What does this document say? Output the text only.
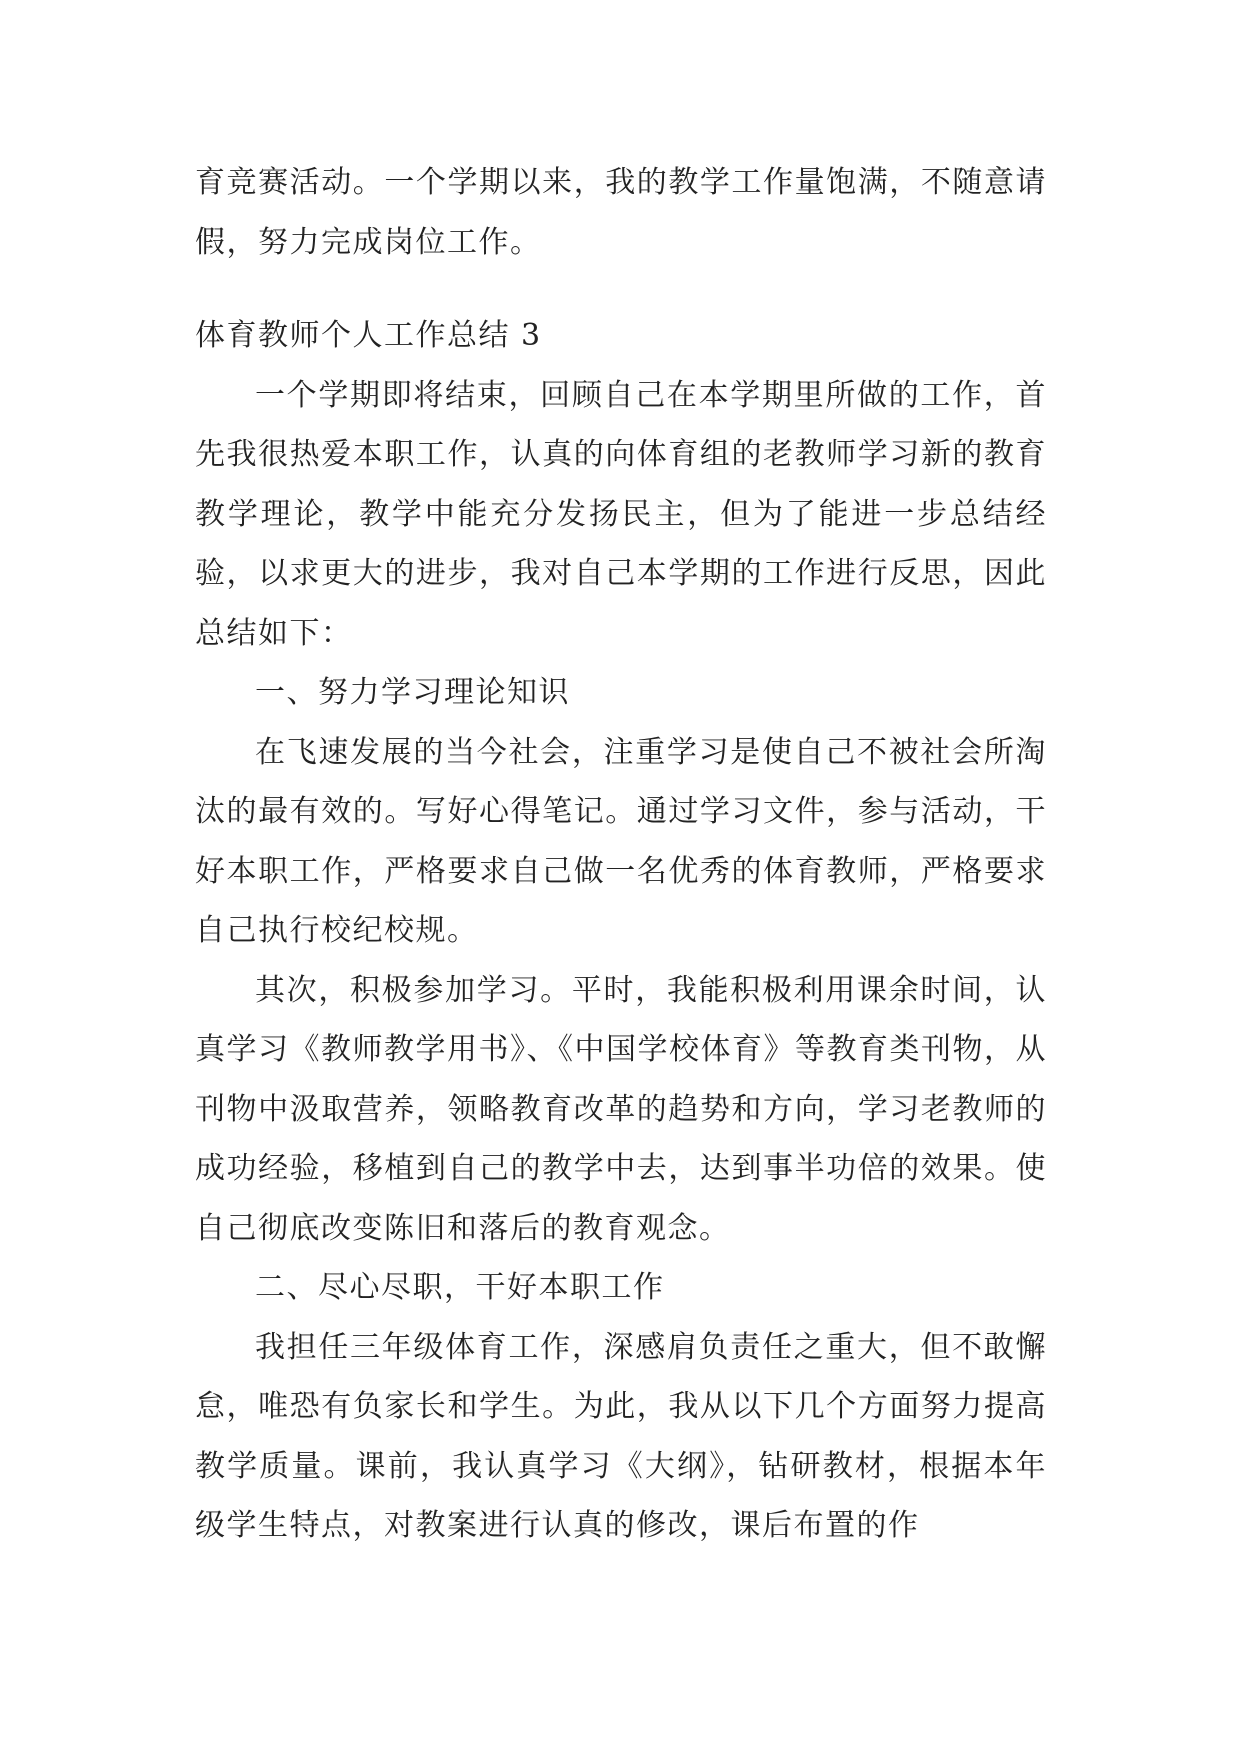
育竞赛活动。一个学期以来，我的教学工作量饱满，不随意请假，努力完成岗位工作。

体育教师个人工作总结 3

一个学期即将结束，回顾自己在本学期里所做的工作，首先我很热爱本职工作，认真的向体育组的老教师学习新的教育教学理论，教学中能充分发扬民主，但为了能进一步总结经验，以求更大的进步，我对自己本学期的工作进行反思，因此总结如下：

一、努力学习理论知识

在飞速发展的当今社会，注重学习是使自己不被社会所淘汰的最有效的。写好心得笔记。通过学习文件，参与活动，干好本职工作，严格要求自己做一名优秀的体育教师，严格要求自己执行校纪校规。

其次，积极参加学习。平时，我能积极利用课余时间，认真学习《教师教学用书》、《中国学校体育》等教育类刊物，从刊物中汲取营养，领略教育改革的趋势和方向，学习老教师的成功经验，移植到自己的教学中去，达到事半功倍的效果。使自己彻底改变陈旧和落后的教育观念。

二、尽心尽职，干好本职工作

我担任三年级体育工作，深感肩负责任之重大，但不敢懈怠，唯恐有负家长和学生。为此，我从以下几个方面努力提高教学质量。课前，我认真学习《大纲》，钻研教材，根据本年级学生特点，对教案进行认真的修改，课后布置的作
